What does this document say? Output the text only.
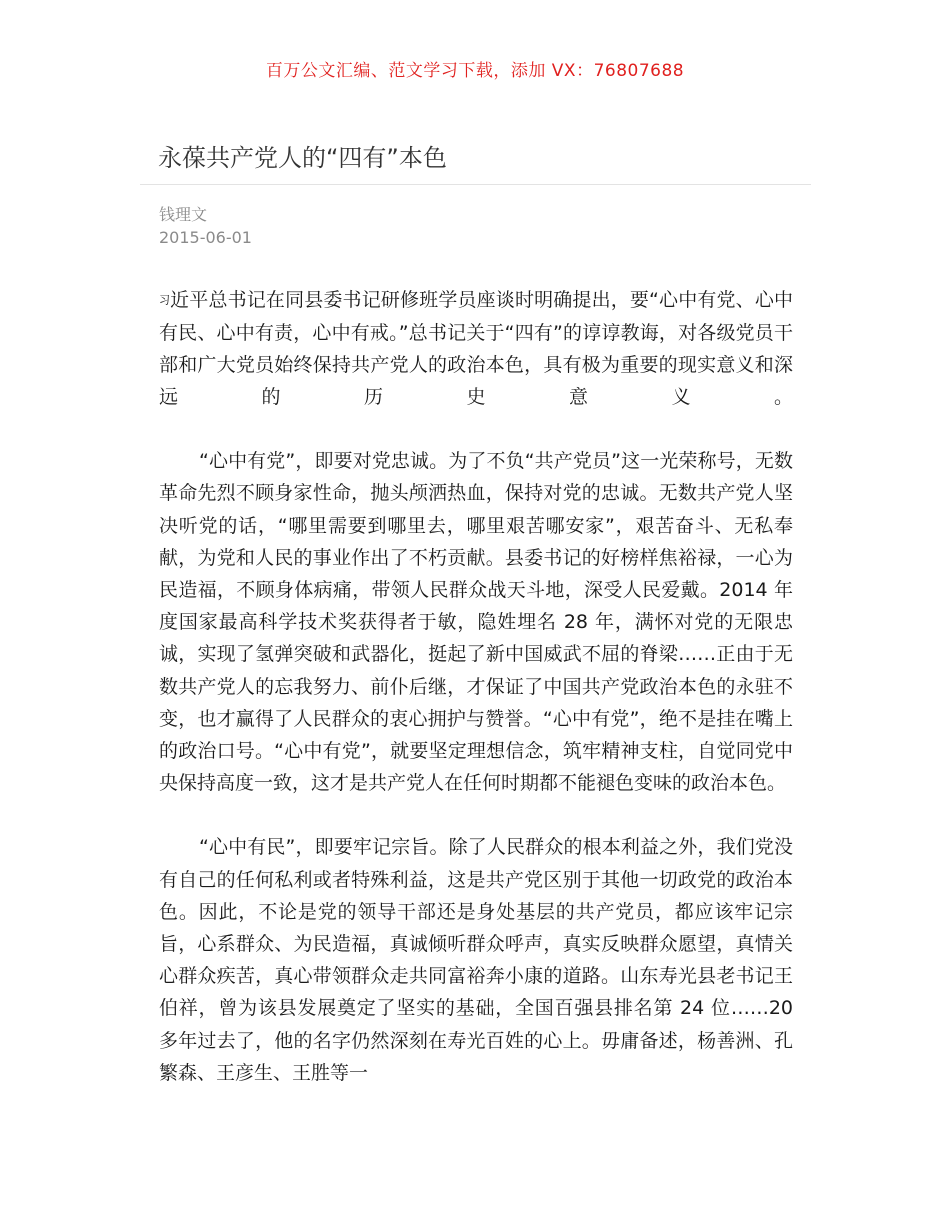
百万公文汇编、范文学习下载，添加 VX：76807688
永葆共产党人的“四有”本色
钱理文
2015-06-01

习近平总书记在同县委书记研修班学员座谈时明确提出，要“心中有党、心中有民、心中有责，心中有戒。”总书记关于“四有”的谆谆教诲，对各级党员干部和广大党员始终保持共产党人的政治本色，具有极为重要的现实意义和深远的历史意义。

“心中有党”，即要对党忠诚。为了不负“共产党员”这一光荣称号，无数革命先烈不顾身家性命，抛头颅洒热血，保持对党的忠诚。无数共产党人坚决听党的话，“哪里需要到哪里去，哪里艰苦哪安家”，艰苦奋斗、无私奉献，为党和人民的事业作出了不朽贡献。县委书记的好榜样焦裕禄，一心为民造福，不顾身体病痛，带领人民群众战天斗地，深受人民爱戴。2014 年度国家最高科学技术奖获得者于敏，隐姓埋名 28 年，满怀对党的无限忠诚，实现了氢弹突破和武器化，挺起了新中国威武不屈的脊梁……正由于无数共产党人的忘我努力、前仆后继，才保证了中国共产党政治本色的永驻不变，也才赢得了人民群众的衷心拥护与赞誉。“心中有党”，绝不是挂在嘴上的政治口号。“心中有党”，就要坚定理想信念，筑牢精神支柱，自觉同党中央保持高度一致，这才是共产党人在任何时期都不能褪色变味的政治本色。

“心中有民”，即要牢记宗旨。除了人民群众的根本利益之外，我们党没有自己的任何私利或者特殊利益，这是共产党区别于其他一切政党的政治本色。因此，不论是党的领导干部还是身处基层的共产党员，都应该牢记宗旨，心系群众、为民造福，真诚倾听群众呼声，真实反映群众愿望，真情关心群众疾苦，真心带领群众走共同富裕奔小康的道路。山东寿光县老书记王伯祥，曾为该县发展奠定了坚实的基础，全国百强县排名第 24 位……20 多年过去了，他的名字仍然深刻在寿光百姓的心上。毋庸备述，杨善洲、孔繁森、王彦生、王胜等一
